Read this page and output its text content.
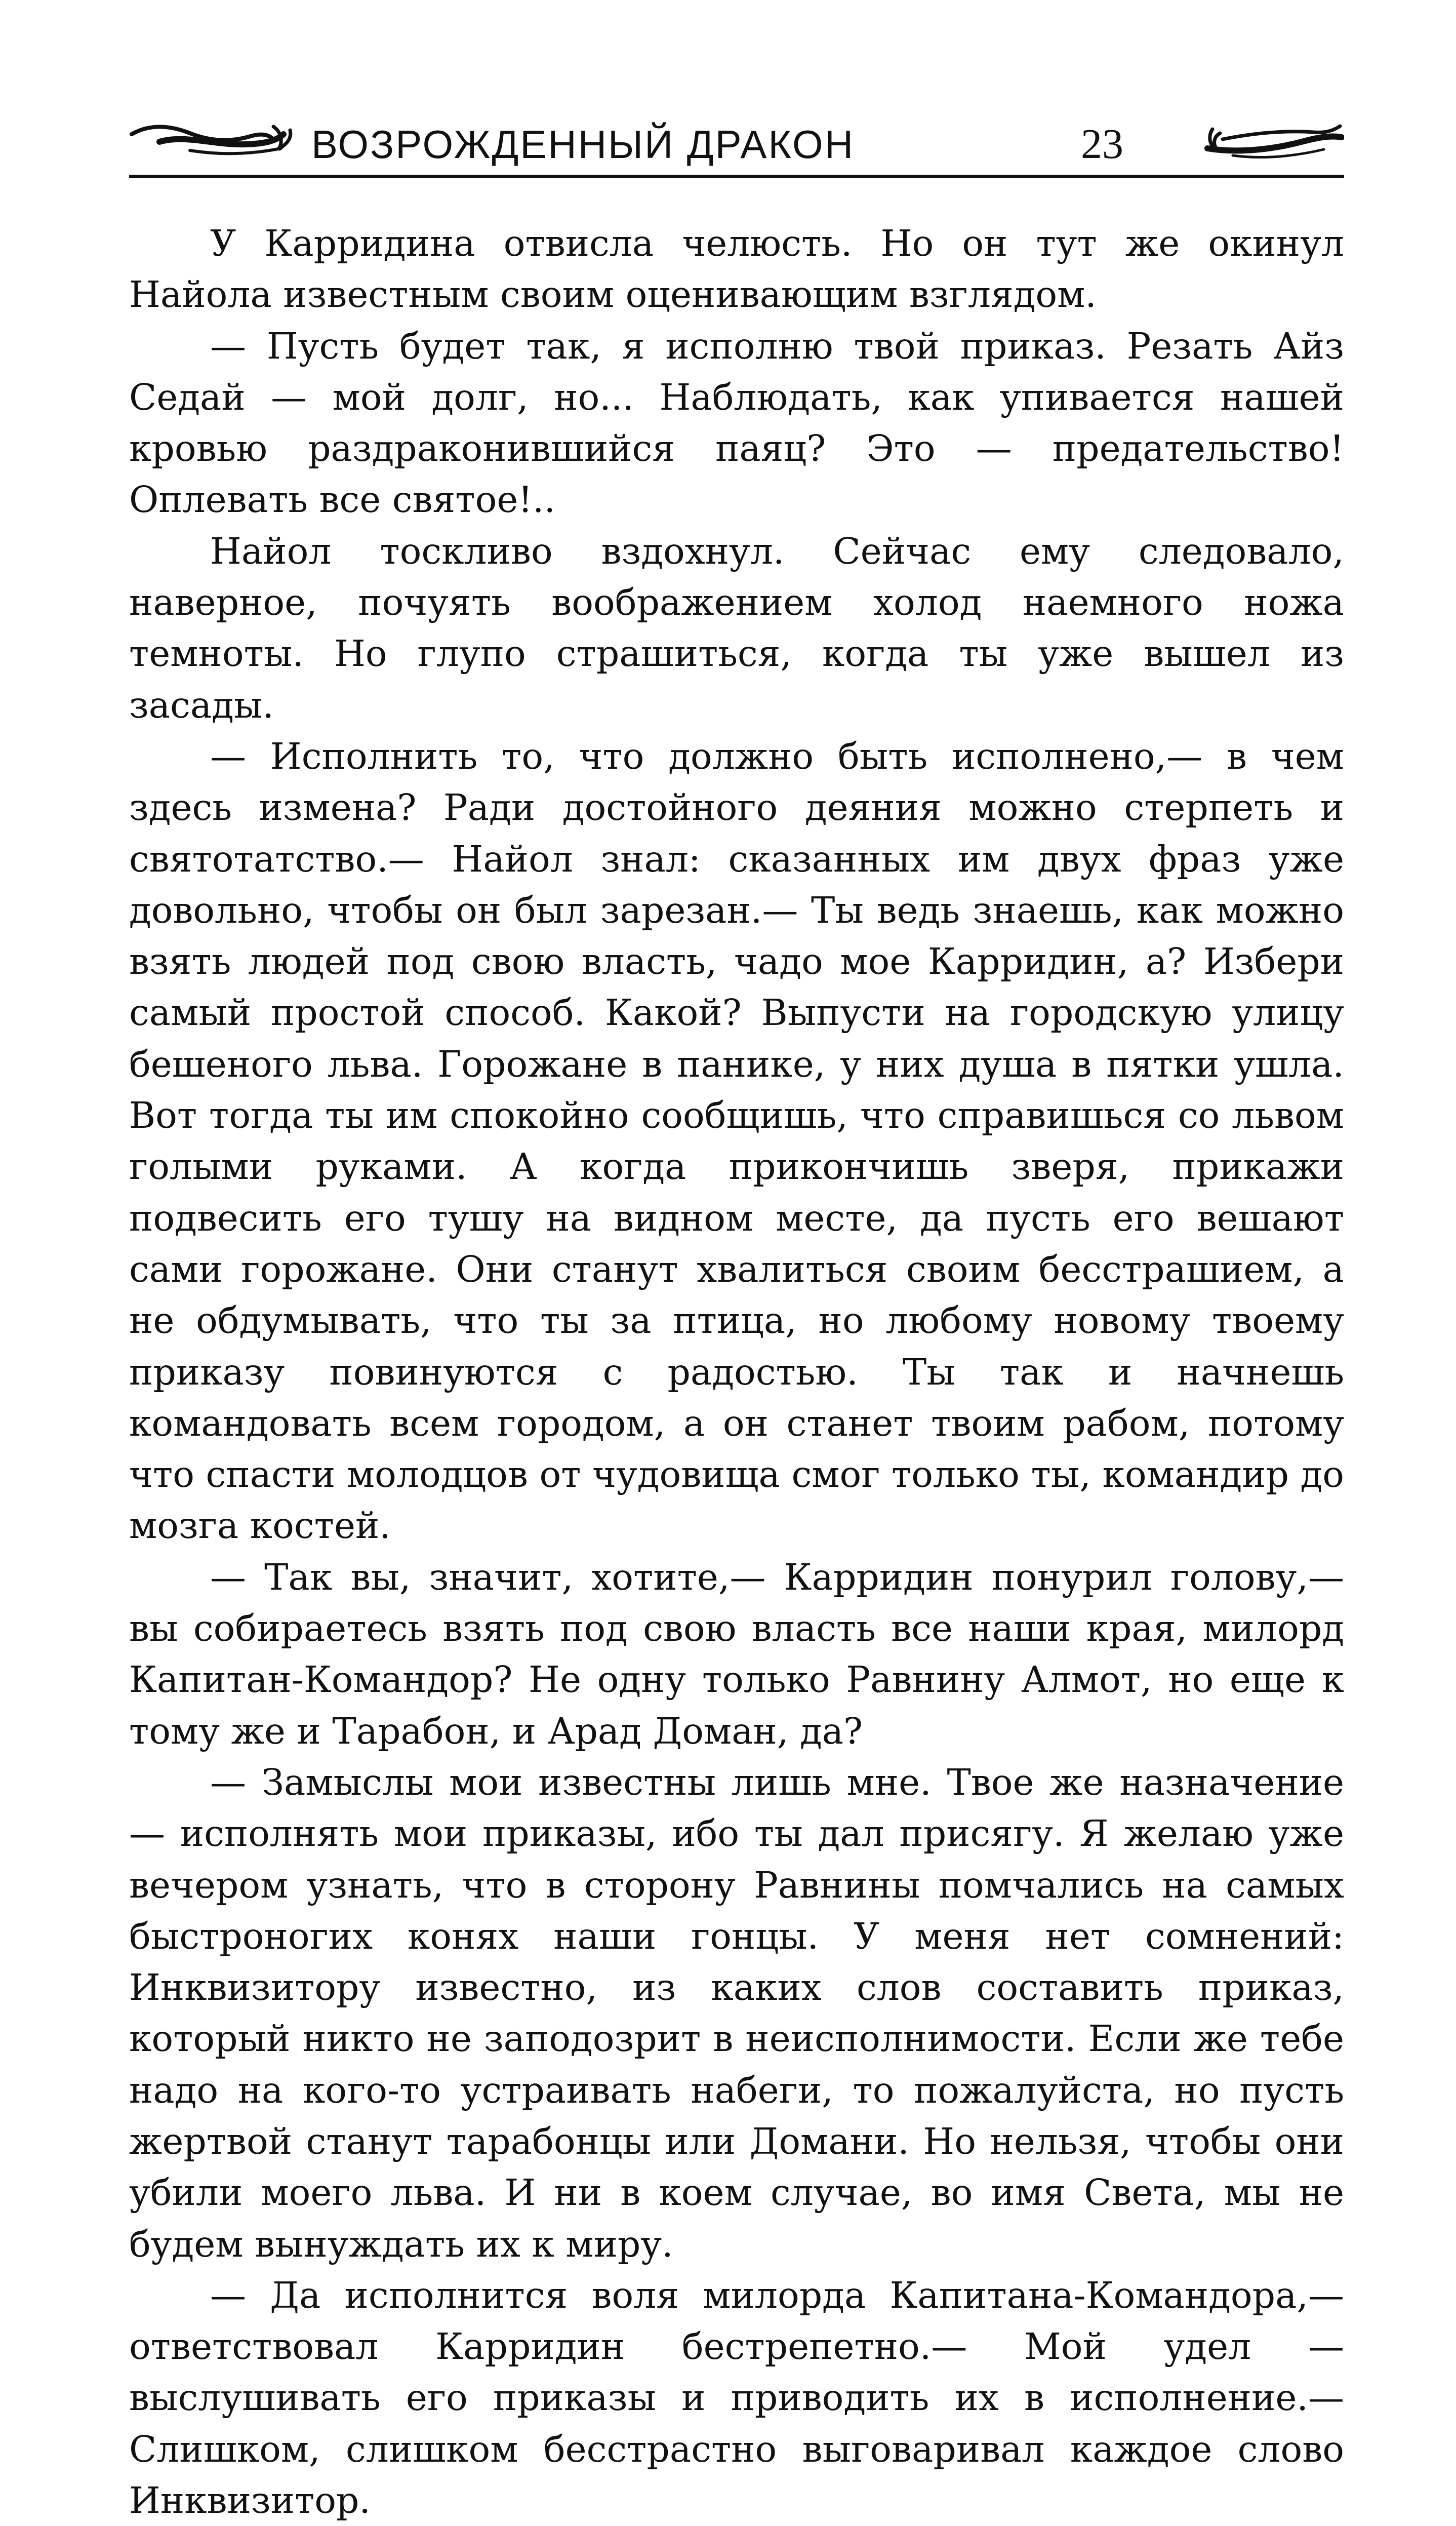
ВОЗРОЖДЕННЫЙ ДРАКОН	23

У Карридина отвисла челюсть. Но он тут же окинул Найола известным своим оценивающим взглядом.

— Пусть будет так, я исполню твой приказ. Резать Айз Седай — мой долг, но... Наблюдать, как упивается нашей кровью раздраконившийся паяц? Это — предательство! Оплевать все святое!..

Найол тоскливо вздохнул. Сейчас ему следовало, наверное, почуять воображением холод наемного ножа темноты. Но глупо страшиться, когда ты уже вышел из засады.

— Исполнить то, что должно быть исполнено,— в чем здесь измена? Ради достойного деяния можно стерпеть и святотатство.— Найол знал: сказанных им двух фраз уже довольно, чтобы он был зарезан.— Ты ведь знаешь, как можно взять людей под свою власть, чадо мое Карридин, а? Избери самый простой способ. Какой? Выпусти на городскую улицу бешеного льва. Горожане в панике, у них душа в пятки ушла. Вот тогда ты им спокойно сообщишь, что справишься со львом голыми руками. А когда прикончишь зверя, прикажи подвесить его тушу на видном месте, да пусть его вешают сами горожане. Они станут хвалиться своим бесстрашием, а не обдумывать, что ты за птица, но любому новому твоему приказу повинуются с радостью. Ты так и начнешь командовать всем городом, а он станет твоим рабом, потому что спасти молодцов от чудовища смог только ты, командир до мозга костей.

— Так вы, значит, хотите,— Карридин понурил голову,— вы собираетесь взять под свою власть все наши края, милорд Капитан-Командор? Не одну только Равнину Алмот, но еще к тому же и Тарабон, и Арад Доман, да?

— Замыслы мои известны лишь мне. Твое же назначение — исполнять мои приказы, ибо ты дал присягу. Я желаю уже вечером узнать, что в сторону Равнины помчались на самых быстроногих конях наши гонцы. У меня нет сомнений: Инквизитору известно, из каких слов составить приказ, который никто не заподозрит в неисполнимости. Если же тебе надо на кого-то устраивать набеги, то пожалуйста, но пусть жертвой станут тарабонцы или Домани. Но нельзя, чтобы они убили моего льва. И ни в коем случае, во имя Света, мы не будем вынуждать их к миру.

— Да исполнится воля милорда Капитана-Командора,— ответствовал Карридин бестрепетно.— Мой удел — выслушивать его приказы и приводить их в исполнение.— Слишком, слишком бесстрастно выговаривал каждое слово Инквизитор.
